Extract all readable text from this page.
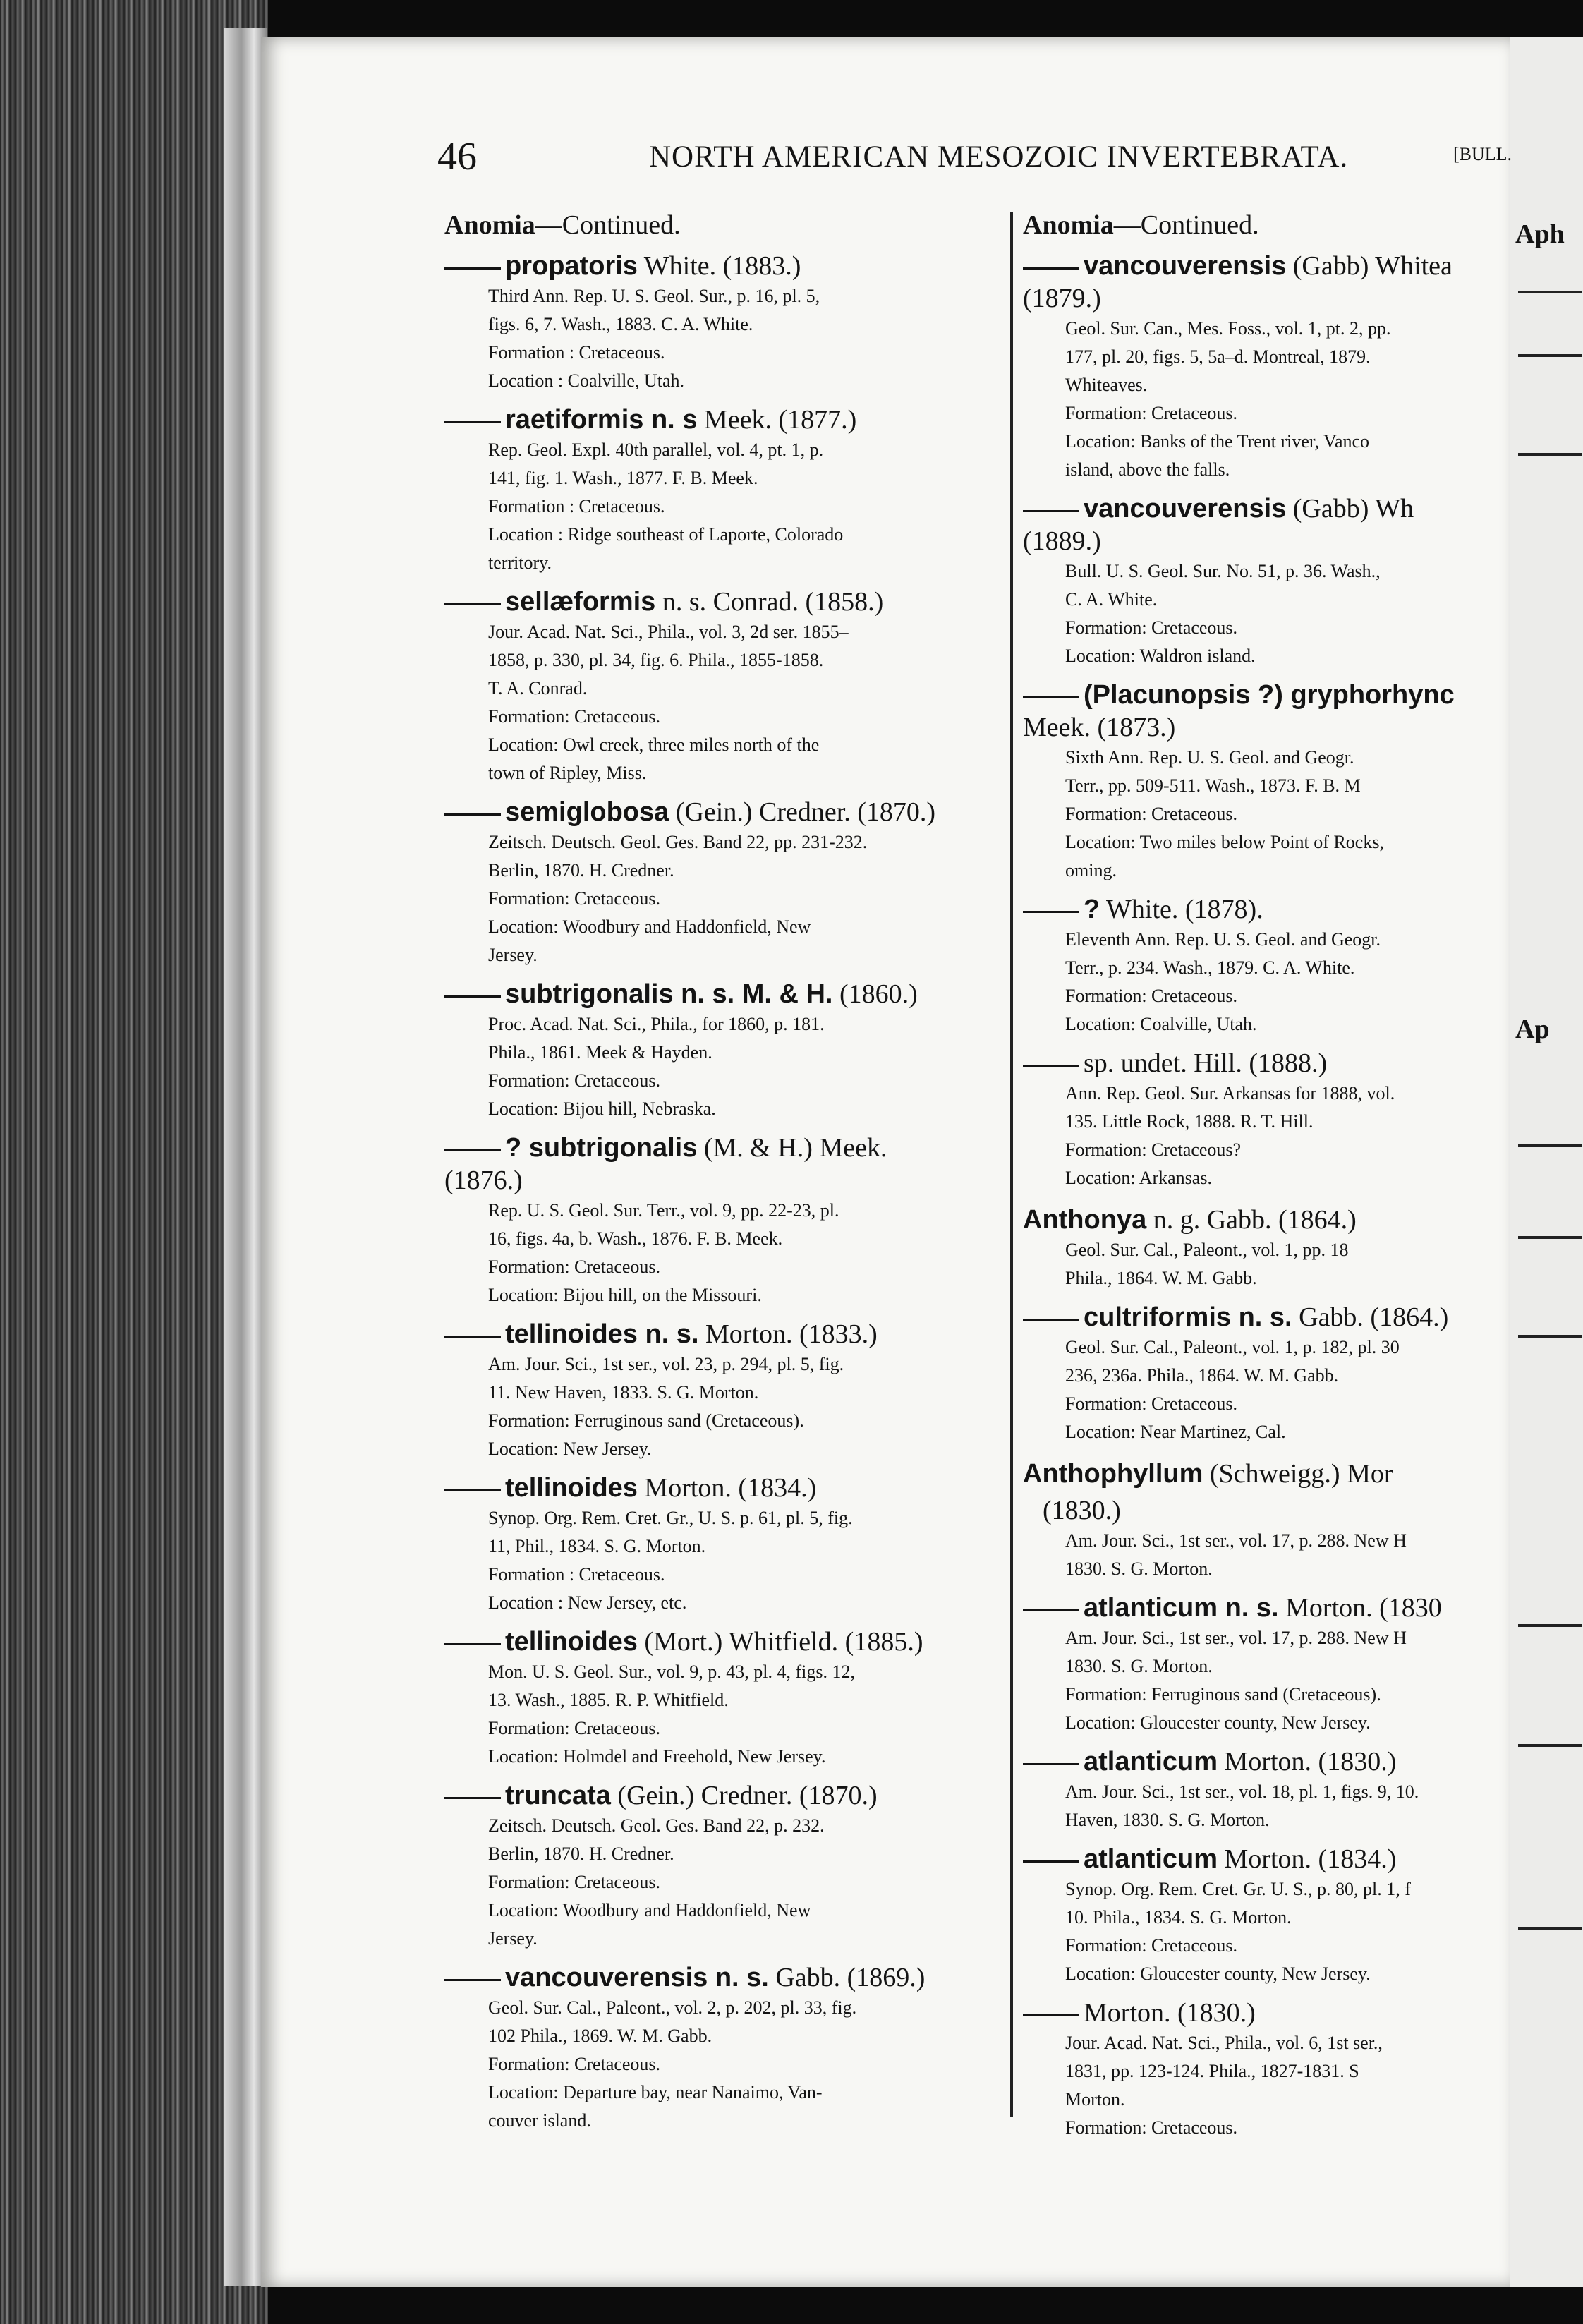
Aph
Ap
46	NORTH AMERICAN MESOZOIC INVERTEBRATA.	[BULL.
Anomia—Continued.
propatoris White. (1883.)
Third Ann. Rep. U. S. Geol. Sur., p. 16, pl. 5,
figs. 6, 7. Wash., 1883. C. A. White.
Formation : Cretaceous.
Location : Coalville, Utah.
raetiformis n. s Meek. (1877.)
Rep. Geol. Expl. 40th parallel, vol. 4, pt. 1, p.
141, fig. 1. Wash., 1877. F. B. Meek.
Formation : Cretaceous.
Location : Ridge southeast of Laporte, Colorado
territory.
sellæformis n. s. Conrad. (1858.)
Jour. Acad. Nat. Sci., Phila., vol. 3, 2d ser. 1855–
1858, p. 330, pl. 34, fig. 6. Phila., 1855-1858.
T. A. Conrad.
Formation: Cretaceous.
Location: Owl creek, three miles north of the
town of Ripley, Miss.
semiglobosa (Gein.) Credner. (1870.)
Zeitsch. Deutsch. Geol. Ges. Band 22, pp. 231-232.
Berlin, 1870. H. Credner.
Formation: Cretaceous.
Location: Woodbury and Haddonfield, New
Jersey.
subtrigonalis n. s. M. & H. (1860.)
Proc. Acad. Nat. Sci., Phila., for 1860, p. 181.
Phila., 1861. Meek & Hayden.
Formation: Cretaceous.
Location: Bijou hill, Nebraska.
? subtrigonalis (M. & H.) Meek.
(1876.)
Rep. U. S. Geol. Sur. Terr., vol. 9, pp. 22-23, pl.
16, figs. 4a, b. Wash., 1876. F. B. Meek.
Formation: Cretaceous.
Location: Bijou hill, on the Missouri.
tellinoides n. s. Morton. (1833.)
Am. Jour. Sci., 1st ser., vol. 23, p. 294, pl. 5, fig.
11. New Haven, 1833. S. G. Morton.
Formation: Ferruginous sand (Cretaceous).
Location: New Jersey.
tellinoides Morton. (1834.)
Synop. Org. Rem. Cret. Gr., U. S. p. 61, pl. 5, fig.
11, Phil., 1834. S. G. Morton.
Formation : Cretaceous.
Location : New Jersey, etc.
tellinoides (Mort.) Whitfield. (1885.)
Mon. U. S. Geol. Sur., vol. 9, p. 43, pl. 4, figs. 12,
13. Wash., 1885. R. P. Whitfield.
Formation: Cretaceous.
Location: Holmdel and Freehold, New Jersey.
truncata (Gein.) Credner. (1870.)
Zeitsch. Deutsch. Geol. Ges. Band 22, p. 232.
Berlin, 1870. H. Credner.
Formation: Cretaceous.
Location: Woodbury and Haddonfield, New
Jersey.
vancouverensis n. s. Gabb. (1869.)
Geol. Sur. Cal., Paleont., vol. 2, p. 202, pl. 33, fig.
102 Phila., 1869. W. M. Gabb.
Formation: Cretaceous.
Location: Departure bay, near Nanaimo, Van-
couver island.
Anomia—Continued.
vancouverensis (Gabb) Whitea
(1879.)
Geol. Sur. Can., Mes. Foss., vol. 1, pt. 2, pp.
177, pl. 20, figs. 5, 5a–d. Montreal, 1879.
Whiteaves.
Formation: Cretaceous.
Location: Banks of the Trent river, Vanco
island, above the falls.
vancouverensis (Gabb) Wh
(1889.)
Bull. U. S. Geol. Sur. No. 51, p. 36. Wash.,
C. A. White.
Formation: Cretaceous.
Location: Waldron island.
(Placunopsis ?) gryphorhync
Meek. (1873.)
Sixth Ann. Rep. U. S. Geol. and Geogr.
Terr., pp. 509-511. Wash., 1873. F. B. M
Formation: Cretaceous.
Location: Two miles below Point of Rocks,
oming.
? White. (1878).
Eleventh Ann. Rep. U. S. Geol. and Geogr.
Terr., p. 234. Wash., 1879. C. A. White.
Formation: Cretaceous.
Location: Coalville, Utah.
sp. undet. Hill. (1888.)
Ann. Rep. Geol. Sur. Arkansas for 1888, vol.
135. Little Rock, 1888. R. T. Hill.
Formation: Cretaceous?
Location: Arkansas.
Anthonya n. g. Gabb. (1864.)
Geol. Sur. Cal., Paleont., vol. 1, pp. 18
Phila., 1864. W. M. Gabb.
cultriformis n. s. Gabb. (1864.)
Geol. Sur. Cal., Paleont., vol. 1, p. 182, pl. 30
236, 236a. Phila., 1864. W. M. Gabb.
Formation: Cretaceous.
Location: Near Martinez, Cal.
Anthophyllum (Schweigg.) Mor
(1830.)
Am. Jour. Sci., 1st ser., vol. 17, p. 288. New H
1830. S. G. Morton.
atlanticum n. s. Morton. (1830
Am. Jour. Sci., 1st ser., vol. 17, p. 288. New H
1830. S. G. Morton.
Formation: Ferruginous sand (Cretaceous).
Location: Gloucester county, New Jersey.
atlanticum Morton. (1830.)
Am. Jour. Sci., 1st ser., vol. 18, pl. 1, figs. 9, 10.
Haven, 1830. S. G. Morton.
atlanticum Morton. (1834.)
Synop. Org. Rem. Cret. Gr. U. S., p. 80, pl. 1, f
10. Phila., 1834. S. G. Morton.
Formation: Cretaceous.
Location: Gloucester county, New Jersey.
Morton. (1830.)
Jour. Acad. Nat. Sci., Phila., vol. 6, 1st ser.,
1831, pp. 123-124. Phila., 1827-1831. S
Morton.
Formation: Cretaceous.
